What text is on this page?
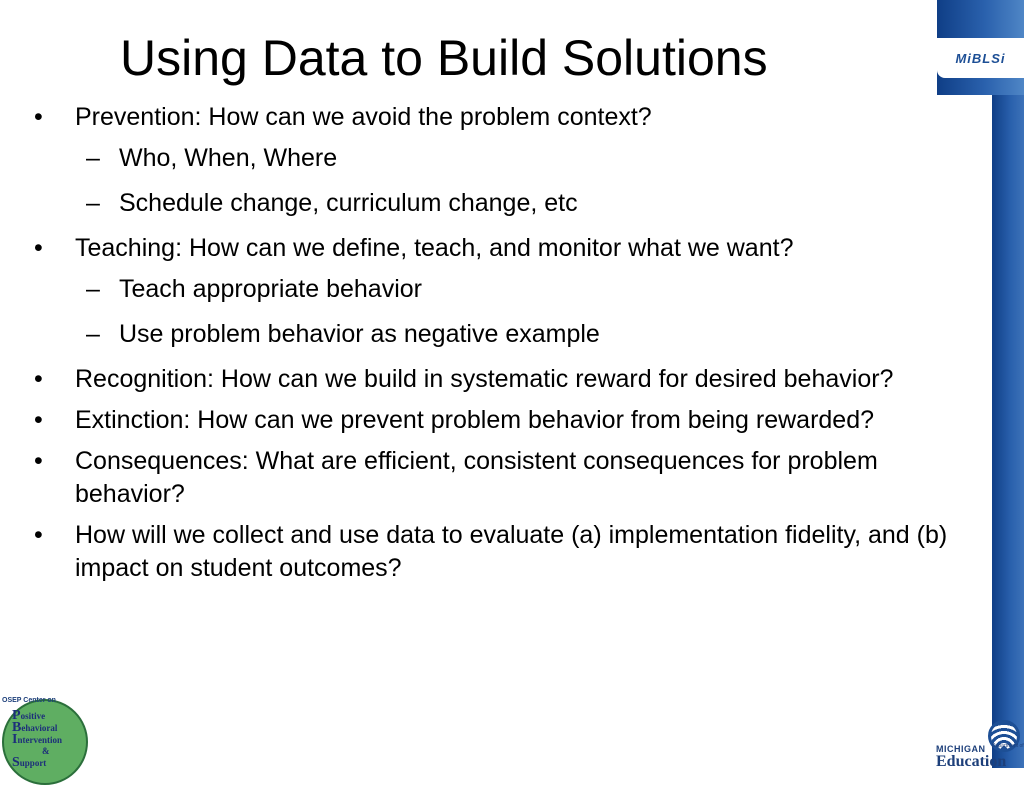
Using Data to Build Solutions	MiBLSi
• Prevention: How can we avoid the problem context?
– Who, When, Where
– Schedule change, curriculum change, etc
• Teaching: How can we define, teach, and monitor what we want?
– Teach appropriate behavior
– Use problem behavior as negative example
• Recognition: How can we build in systematic reward for desired behavior?
• Extinction: How can we prevent problem behavior from being rewarded?
• Consequences: What are efficient, consistent consequences for problem behavior?
• How will we collect and use data to evaluate (a) implementation fidelity, and (b) impact on student outcomes?
OSEP Center on
Positive
Behavioral
Intervention
&
Support
MICHIGAN Department of
Education
